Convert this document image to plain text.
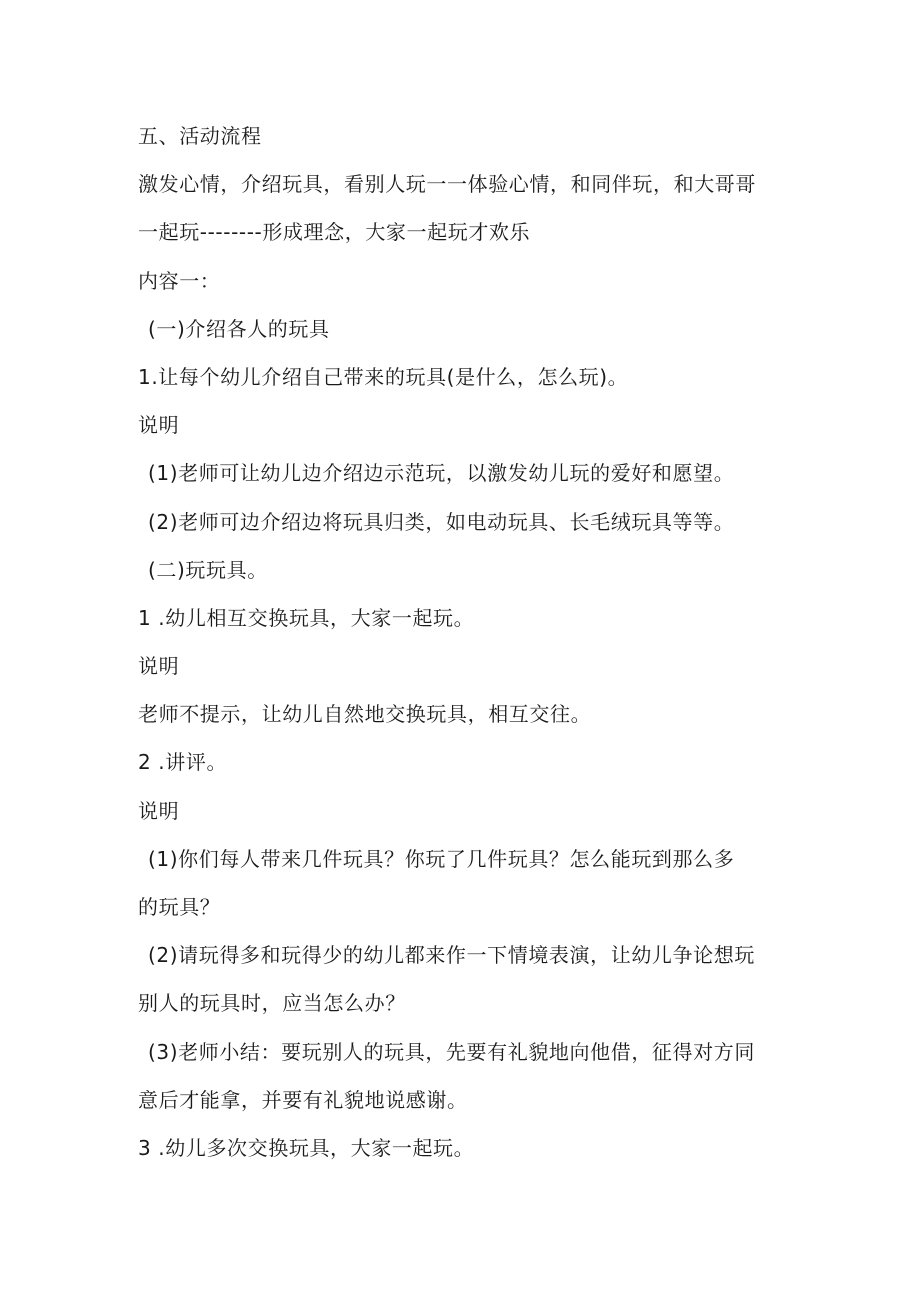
五、活动流程
激发心情，介绍玩具，看别人玩一一体验心情，和同伴玩，和大哥哥
一起玩--------形成理念，大家一起玩才欢乐
内容一：
(一)介绍各人的玩具
1.让每个幼儿介绍自己带来的玩具(是什么，怎么玩)。
说明
(1)老师可让幼儿边介绍边示范玩，以激发幼儿玩的爱好和愿望。
(2)老师可边介绍边将玩具归类，如电动玩具、长毛绒玩具等等。
(二)玩玩具。
1 .幼儿相互交换玩具，大家一起玩。
说明
老师不提示，让幼儿自然地交换玩具，相互交往。
2 .讲评。
说明
(1)你们每人带来几件玩具？你玩了几件玩具？怎么能玩到那么多
的玩具？
(2)请玩得多和玩得少的幼儿都来作一下情境表演，让幼儿争论想玩
别人的玩具时，应当怎么办？
(3)老师小结：要玩别人的玩具，先要有礼貌地向他借，征得对方同
意后才能拿，并要有礼貌地说感谢。
3 .幼儿多次交换玩具，大家一起玩。
